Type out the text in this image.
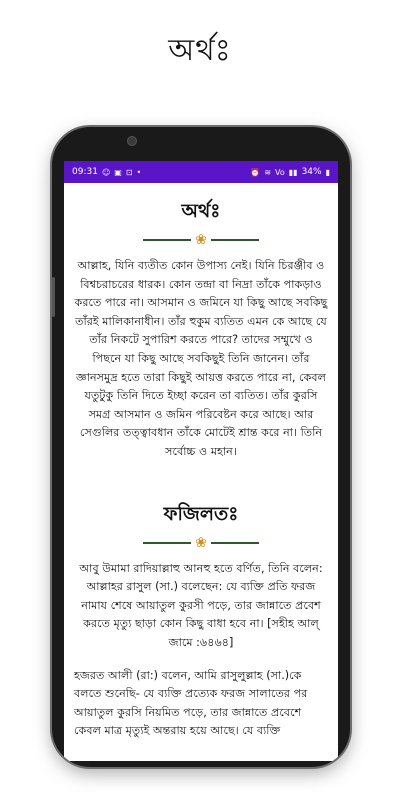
অর্থঃ
09:31 ☺ ▣ ⊡ •	⏰ ≋ Vo ▮▮ 34% ▮
অর্থঃ
❀
আল্লাহ, যিনি ব্যতীত কোন উপাস্য নেই। যিনি চিরঞ্জীব ও বিশ্বচরাচরের ধারক। কোন তন্দ্রা বা নিদ্রা তাঁকে পাকড়াও করতে পারে না। আসমান ও জমিনে যা কিছু আছে সবকিছু তাঁরই মালিকানাধীন। তাঁর হুকুম ব্যতিত এমন কে আছে যে তাঁর নিকটে সুপারিশ করতে পারে? তাদের সম্মুখে ও পিছনে যা কিছু আছে সবকিছুই তিনি জানেন। তাঁর জ্ঞানসমুদ্র হতে তারা কিছুই আয়ত্ত করতে পারে না, কেবল যতুটুকু তিনি দিতে ইচ্ছা করেন তা ব্যতিত। তাঁর কুরসি সমগ্র আসমান ও জমিন পরিবেষ্টন করে আছে। আর সেগুলির তত্ত্বাবধান তাঁকে মোটেই শ্রান্ত করে না। তিনি সর্বোচ্চ ও মহান।
ফজিলতঃ
❀
আবু উমামা রাদিয়াল্লাহু আনহু হতে বর্ণিত, তিনি বলেন: আল্লাহর রাসুল (সা.) বলেছেন: যে ব্যক্তি প্রতি ফরজ নামায শেষে আয়াতুল কুরসী পড়ে, তার জান্নাতে প্রবেশ করতে মৃত্যু ছাড়া কোন কিছু বাধা হবে না। [সহীহ আল্ জামে :৬৪৬৪]
হজরত আলী (রা:) বলেন, আমি রাসুলুল্লাহ (সা.)কে বলতে শুনেছি- যে ব্যক্তি প্রত্যেক ফরজ সালাতের পর আয়াতুল কুরসি নিয়মিত পড়ে, তার জান্নাতে প্রবেশে কেবল মাত্র মৃত্যুই অন্তরায় হয়ে আছে। যে ব্যক্তি
